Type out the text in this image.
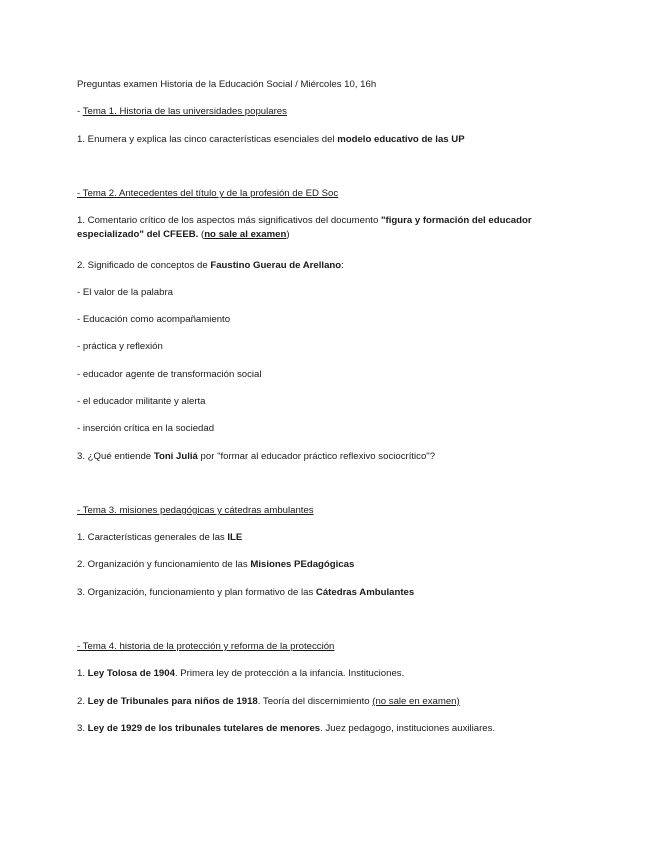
Preguntas examen Historia de la Educación Social / Miércoles 10, 16h
- Tema 1. Historia de las universidades populares
1. Enumera y explica las cinco características esenciales del modelo educativo de las UP
- Tema 2. Antecedentes del título y de la profesión de ED Soc
1. Comentario crítico de los aspectos más significativos del documento "figura y formación del educador especializado" del CFEEB. (no sale al examen)
2. Significado de conceptos de Faustino Guerau de Arellano:
- El valor de la palabra
- Educación como acompañamiento
- práctica y reflexión
- educador agente de transformación social
- el educador militante y alerta
- inserción crítica en la sociedad
3. ¿Qué entiende Toni Juliá por "formar al educador práctico reflexivo sociocrítico"?
- Tema 3. misiones pedagógicas y cátedras ambulantes
1. Características generales de las ILE
2. Organización y funcionamiento de las Misiones PEdagógicas
3. Organización, funcionamiento y plan formativo de las Cátedras Ambulantes
- Tema 4. historia de la protección y reforma de la protección
1. Ley Tolosa de 1904. Primera ley de protección a la infancia. Instituciones.
2. Ley de Tribunales para niños de 1918. Teoría del discernimiento (no sale en examen)
3. Ley de 1929 de los tribunales tutelares de menores. Juez pedagogo, instituciones auxiliares.
